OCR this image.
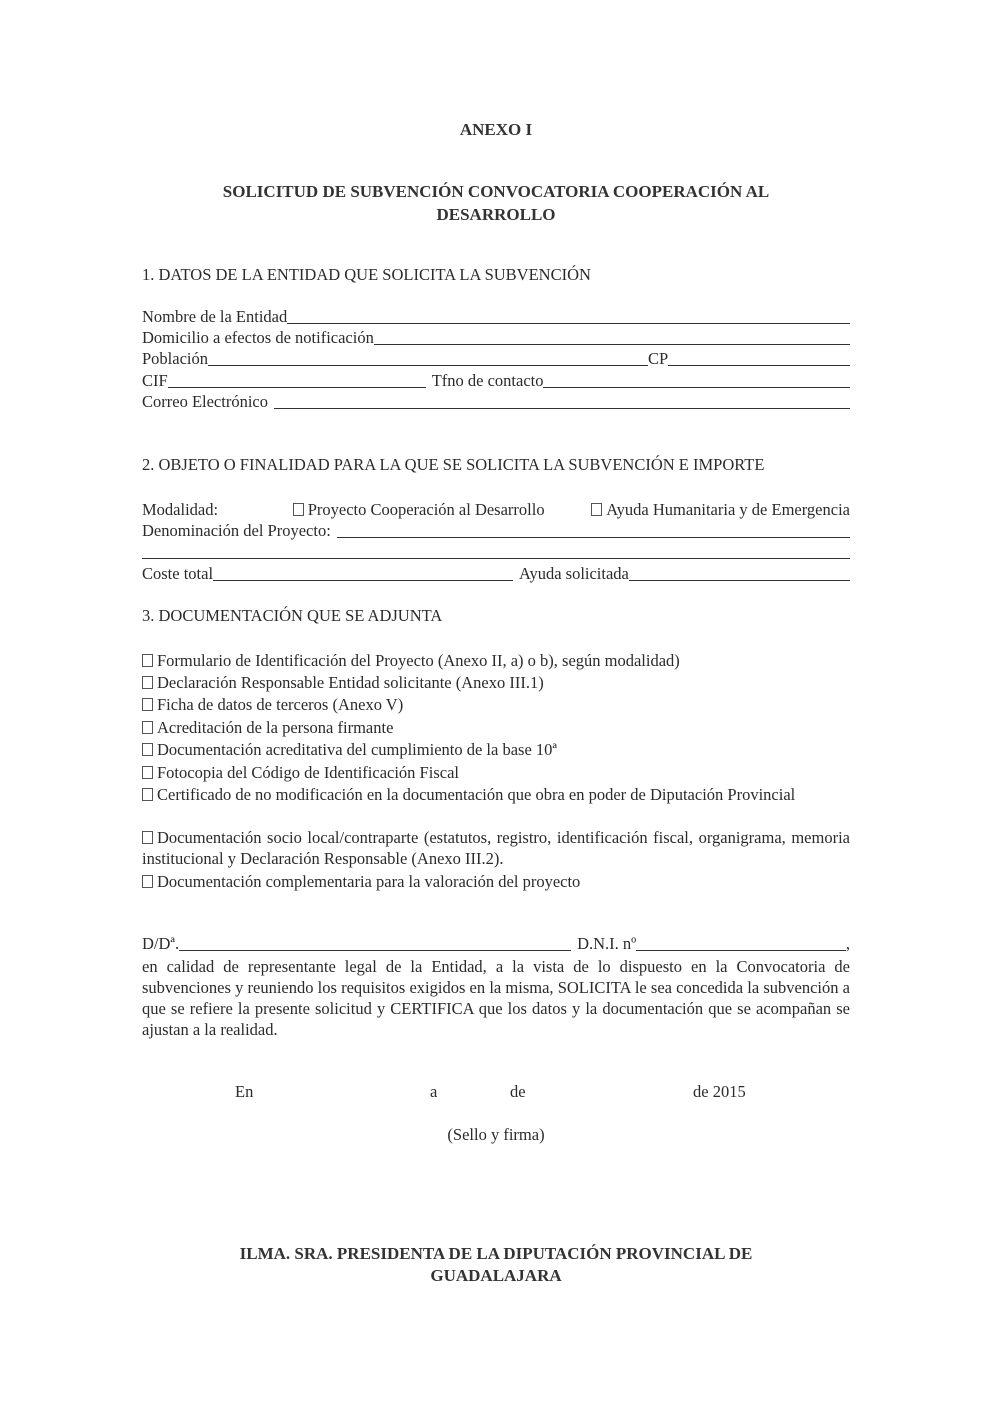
ANEXO I
SOLICITUD DE SUBVENCIÓN CONVOCATORIA COOPERACIÓN AL
DESARROLLO
1. DATOS DE LA ENTIDAD QUE SOLICITA LA SUBVENCIÓN
Nombre de la Entidad
Domicilio a efectos de notificación
Población	CP
CIF	Tfno de contacto
Correo Electrónico
2. OBJETO O FINALIDAD PARA LA QUE SE SOLICITA LA SUBVENCIÓN E IMPORTE
Modalidad:	Proyecto Cooperación al Desarrollo	Ayuda Humanitaria y de Emergencia
Denominación del Proyecto:
Coste total	Ayuda solicitada
3. DOCUMENTACIÓN QUE SE ADJUNTA
Formulario de Identificación del Proyecto (Anexo II, a) o b), según modalidad)
Declaración Responsable Entidad solicitante (Anexo III.1)
Ficha de datos de terceros (Anexo V)
Acreditación de la persona firmante
Documentación acreditativa del cumplimiento de la base 10ª
Fotocopia del Código de Identificación Fiscal
Certificado de no modificación en la documentación que obra en poder de Diputación Provincial
Documentación socio local/contraparte (estatutos, registro, identificación fiscal, organigrama, memoria institucional y Declaración Responsable (Anexo III.2).
Documentación complementaria para la valoración del proyecto
D/Dª.	D.N.I. nº	,
en calidad de representante legal de la Entidad, a la vista de lo dispuesto en la Convocatoria de subvenciones y reuniendo los requisitos exigidos en la misma, SOLICITA le sea concedida la subvención a que se refiere la presente solicitud y CERTIFICA que los datos y la documentación que se acompañan se ajustan a la realidad.
En	a	de	de 2015
(Sello y firma)
ILMA. SRA. PRESIDENTA DE LA DIPUTACIÓN PROVINCIAL DE
GUADALAJARA
